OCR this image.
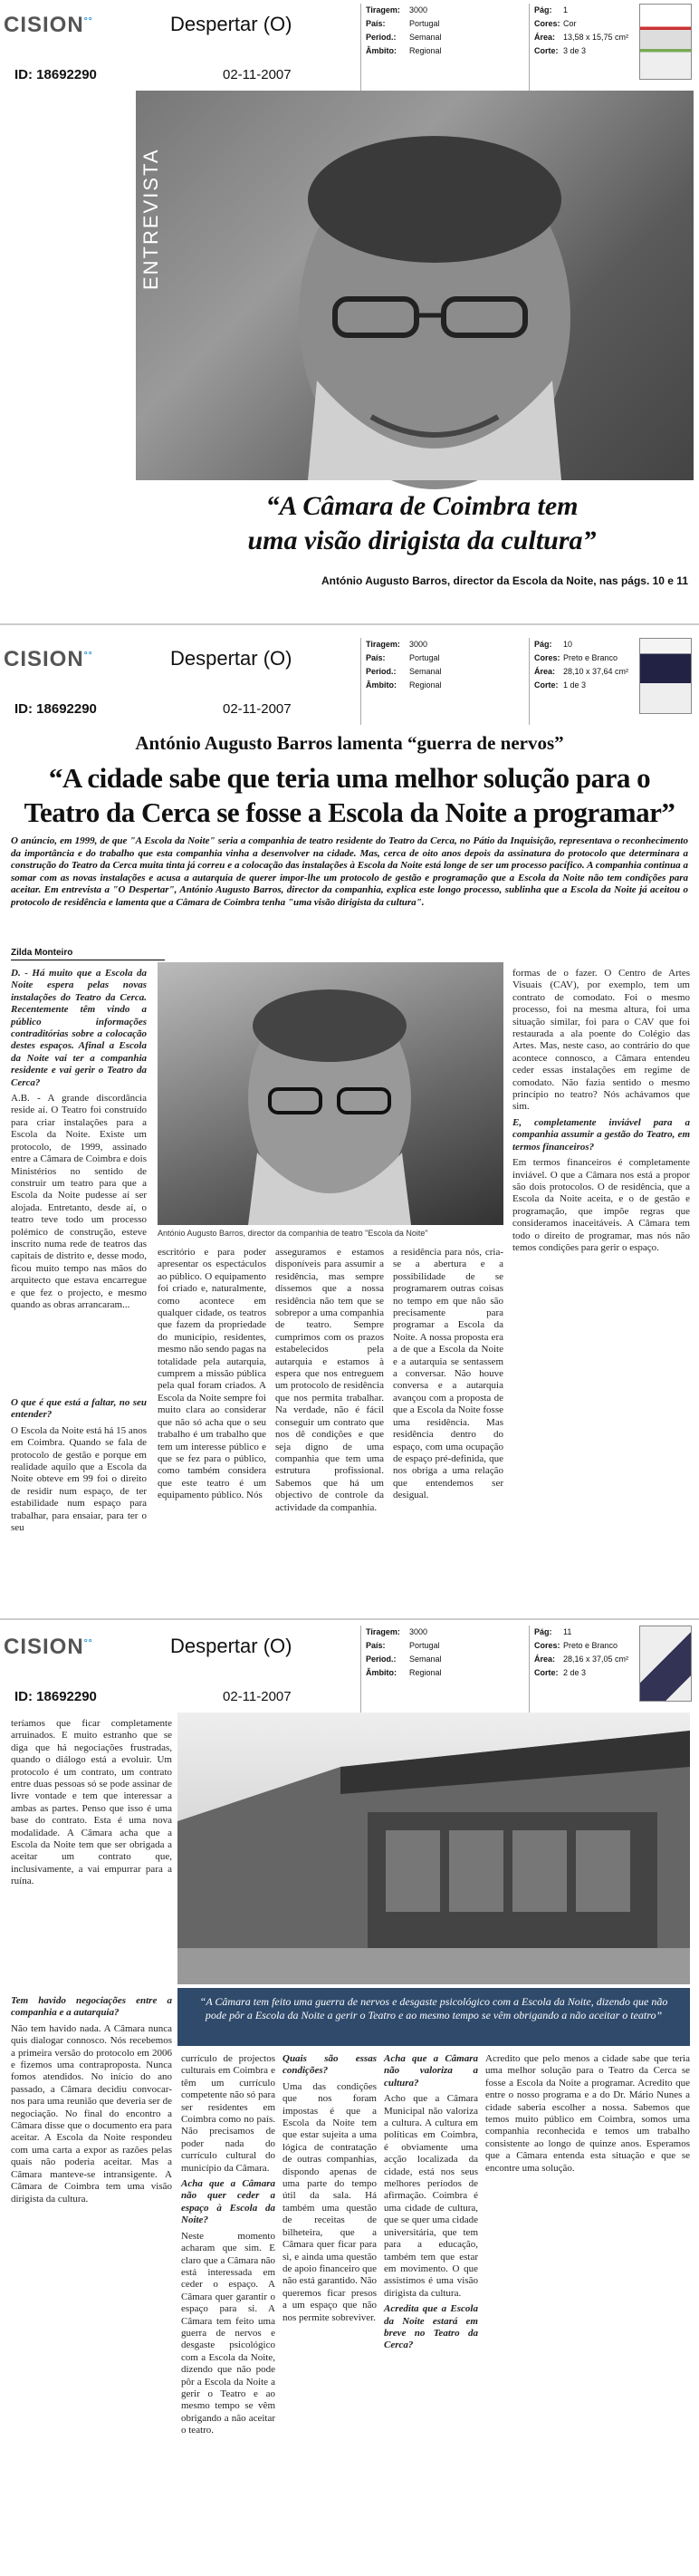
CISION°°
ID: 18692290
Despertar (O)
02-11-2007
Tiragem: 3000
País:	Portugal
Period.: Semanal
Âmbito: Regional
Pág: 1
Cores: Cor
Área: 13,58 x 15,75 cm²
Corte: 3 de 3
ENTREVISTA
“A Câmara de Coimbra tem
uma visão dirigista da cultura”
António Augusto Barros, director da Escola da Noite, nas págs. 10 e 11
CISION°°
ID: 18692290
Despertar (O)
02-11-2007
Tiragem: 3000
País:	Portugal
Period.: Semanal
Âmbito: Regional
Pág: 10
Cores: Preto e Branco
Área: 28,10 x 37,64 cm²
Corte: 1 de 3
António Augusto Barros lamenta “guerra de nervos”
“A cidade sabe que teria uma melhor solução para o
Teatro da Cerca se fosse a Escola da Noite a programar”
O anúncio, em 1999, de que "A Escola da Noite" seria a companhia de teatro residente do Teatro da Cerca, no Pátio da Inquisição, representava o reconhecimento da importância e do trabalho que esta companhia vinha a desenvolver na cidade. Mas, cerca de oito anos depois da assinatura do protocolo que determinara a construção do Teatro da Cerca muita tinta já correu e a colocação das instalações à Escola da Noite está longe de ser um processo pacífico. A companhia continua a somar com as novas instalações e acusa a autarquia de querer impor-lhe um protocolo de gestão e programação que a Escola da Noite não tem condições para aceitar. Em entrevista a "O Despertar", António Augusto Barros, director da companhia, explica este longo processo, sublinha que a Escola da Noite já aceitou o protocolo de residência e lamenta que a Câmara de Coimbra tenha "uma visão dirigista da cultura".
Zilda Monteiro
António Augusto Barros, director da companhia de teatro "Escola da Noite"

D. - Há muito que a Escola da Noite espera pelas novas instalações do Teatro da Cerca. Recentemente têm vindo a público informações contraditórias sobre a colocação destes espaços. Afinal a Escola da Noite vai ter a companhia residente e vai gerir o Teatro da Cerca?

A.B. - A grande discordância reside aí. O Teatro foi construído para criar instalações para a Escola da Noite. Existe um protocolo, de 1999, assinado entre a Câmara de Coimbra e dois Ministérios no sentido de construir um teatro para que a Escola da Noite pudesse aí ser alojada. Entretanto, desde aí, o teatro teve todo um processo polémico de construção, esteve inscrito numa rede de teatros das capitais de distrito e, desse modo, ficou muito tempo nas mãos do arquitecto que estava encarregue e que fez o projecto, e mesmo quando as obras arrancaram...

O que é que está a faltar, no seu entender?

O Escola da Noite está há 15 anos em Coimbra. Quando se fala de protocolo de gestão e porque em realidade aquilo que a Escola da Noite obteve em 99 foi o direito de residir num espaço, de ter estabilidade num espaço para trabalhar, para ensaiar, para ter o seu

escritório e para poder apresentar os espectáculos ao público. O equipamento foi criado e, naturalmente, como acontece em qualquer cidade, os teatros que fazem da propriedade do município, residentes, mesmo não sendo pagas na totalidade pela autarquia, cumprem a missão pública pela qual foram criados. A Escola da Noite sempre foi muito clara ao considerar que não só acha que o seu trabalho é um trabalho que tem um interesse público e que se fez para o público, como também considera que este teatro é um equipamento público. Nós
asseguramos e estamos disponíveis para assumir a residência, mas sempre dissemos que a nossa residência não tem que se sobrepor a uma companhia de teatro. Sempre cumprimos com os prazos estabelecidos pela autarquia e estamos à espera que nos entreguem um protocolo de residência que nos permita trabalhar. Na verdade, não é fácil conseguir um contrato que nos dê condições e que seja digno de uma companhia que tem uma estrutura profissional. Sabemos que há um objectivo de controle da actividade da companhia.
a residência para nós, cria-se a abertura e a possibilidade de se programarem outras coisas no tempo em que não são precisamente para programar a Escola da Noite. A nossa proposta era a de que a Escola da Noite e a autarquia se sentassem a conversar. Não houve conversa e a autarquia avançou com a proposta de que a Escola da Noite fosse uma residência. Mas residência dentro do espaço, com uma ocupação de espaço pré-definida, que nos obriga a uma relação que entendemos ser desigual.

formas de o fazer. O Centro de Artes Visuais (CAV), por exemplo, tem um contrato de comodato. Foi o mesmo processo, foi na mesma altura, foi uma situação similar, foi para o CAV que foi restaurada a ala poente do Colégio das Artes. Mas, neste caso, ao contrário do que acontece connosco, a Câmara entendeu ceder essas instalações em regime de comodato. Não fazia sentido o mesmo princípio no teatro? Nós achávamos que sim.

E, completamente inviável para a companhia assumir a gestão do Teatro, em termos financeiros?

Em termos financeiros é completamente inviável. O que a Câmara nos está a propor são dois protocolos. O de residência, que a Escola da Noite aceita, e o de gestão e programação, que impõe regras que consideramos inaceitáveis. A Câmara tem todo o direito de programar, mas nós não temos condições para gerir o espaço.

CISION°°
ID: 18692290
Despertar (O)
02-11-2007
Tiragem: 3000
País:	Portugal
Period.: Semanal
Âmbito: Regional
Pág: 11
Cores: Preto e Branco
Área: 28,16 x 37,05 cm²
Corte: 2 de 3
teríamos que ficar completamente arruinados. E muito estranho que se diga que há negociações frustradas, quando o diálogo está a evoluir. Um protocolo é um contrato, um contrato entre duas pessoas só se pode assinar de livre vontade e tem que interessar a ambas as partes. Penso que isso é uma base do contrato. Esta é uma nova modalidade. A Câmara acha que a Escola da Noite tem que ser obrigada a aceitar um contrato que, inclusivamente, a vai empurrar para a ruína.
“A Câmara tem feito uma guerra de nervos e desgaste psicológico com a Escola da Noite, dizendo que não pode pôr a Escola da Noite a gerir o Teatro e ao mesmo tempo se vêm obrigando a não aceitar o teatro”

Tem havido negociações entre a companhia e a autarquia?

Não tem havido nada. A Câmara nunca quis dialogar connosco. Nós recebemos a primeira versão do protocolo em 2006 e fizemos uma contraproposta. Nunca fomos atendidos. No início do ano passado, a Câmara decidiu convocar-nos para uma reunião que deveria ser de negociação. No final do encontro a Câmara disse que o documento era para aceitar. A Escola da Noite respondeu com uma carta a expor as razões pelas quais não poderia aceitar. Mas a Câmara manteve-se intransigente. A Câmara de Coimbra tem uma visão dirigista da cultura.

currículo de projectos culturais em Coimbra e têm um currículo competente não só para ser residentes em Coimbra como no país. Não precisamos de poder nada do currículo cultural do município da Câmara.

Acha que a Câmara não quer ceder a espaço à Escola da Noite?

Neste momento acharam que sim. E claro que a Câmara não está interessada em ceder o espaço. A Câmara quer garantir o espaço para si. A Câmara tem feito uma guerra de nervos e desgaste psicológico com a Escola da Noite, dizendo que não pode pôr a Escola da Noite a gerir o Teatro e ao mesmo tempo se vêm obrigando a não aceitar o teatro.

Quais são essas condições?

Uma das condições que nos foram impostas é que a Escola da Noite tem que estar sujeita a uma lógica de contratação de outras companhias, dispondo apenas de uma parte do tempo útil da sala. Há também uma questão de receitas de bilheteira, que a Câmara quer ficar para si, e ainda uma questão de apoio financeiro que não está garantido. Não queremos ficar presos a um espaço que não nos permite sobreviver.

Acha que a Câmara não valoriza a cultura?

Acho que a Câmara Municipal não valoriza a cultura. A cultura em políticas em Coimbra, é obviamente uma acção localizada da cidade, está nos seus melhores períodos de afirmação. Coimbra é uma cidade de cultura, que se quer uma cidade universitária, que tem para a educação, também tem que estar em movimento. O que assistimos é uma visão dirigista da cultura.

Acredita que a Escola da Noite estará em breve no Teatro da Cerca?

Acredito que pelo menos a cidade sabe que teria uma melhor solução para o Teatro da Cerca se fosse a Escola da Noite a programar. Acredito que entre o nosso programa e a do Dr. Mário Nunes a cidade saberia escolher a nossa. Sabemos que temos muito público em Coimbra, somos uma companhia reconhecida e temos um trabalho consistente ao longo de quinze anos. Esperamos que a Câmara entenda esta situação e que se encontre uma solução.
